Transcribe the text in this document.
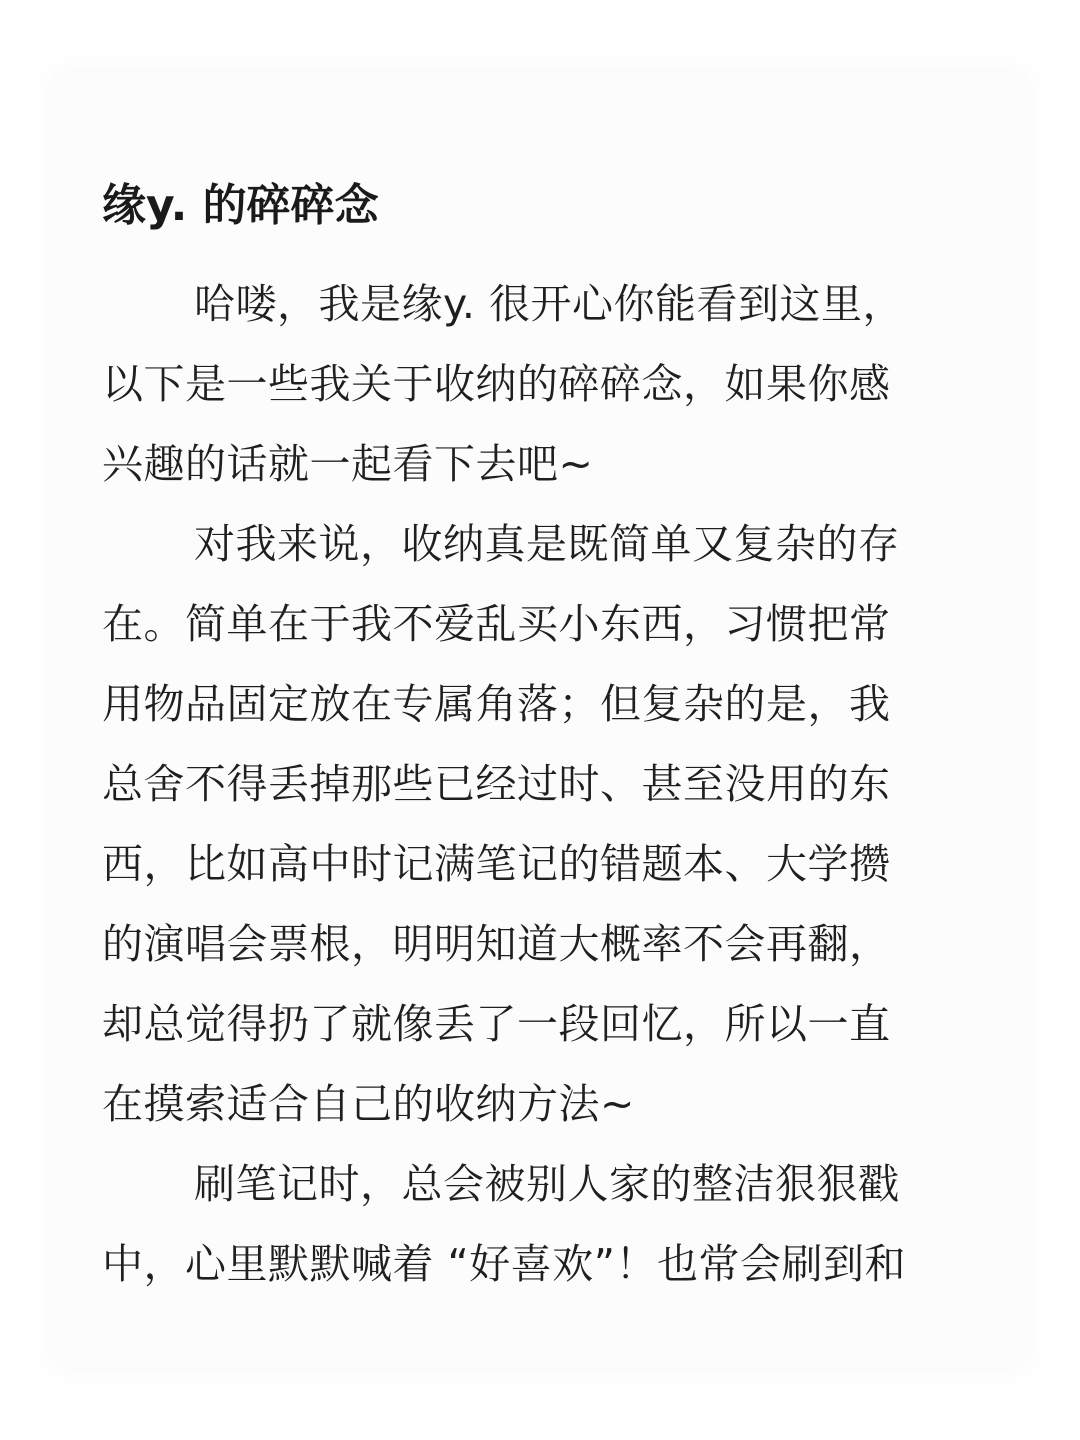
缘y. 的碎碎念
哈喽，我是缘y. 很开心你能看到这里，
以下是一些我关于收纳的碎碎念，如果你感
兴趣的话就一起看下去吧~
对我来说，收纳真是既简单又复杂的存
在。简单在于我不爱乱买小东西，习惯把常
用物品固定放在专属角落；但复杂的是，我
总舍不得丢掉那些已经过时、甚至没用的东
西，比如高中时记满笔记的错题本、大学攒
的演唱会票根，明明知道大概率不会再翻，
却总觉得扔了就像丢了一段回忆，所以一直
在摸索适合自己的收纳方法~
刷笔记时，总会被别人家的整洁狠狠戳
中，心里默默喊着 “好喜欢”！也常会刷到和
